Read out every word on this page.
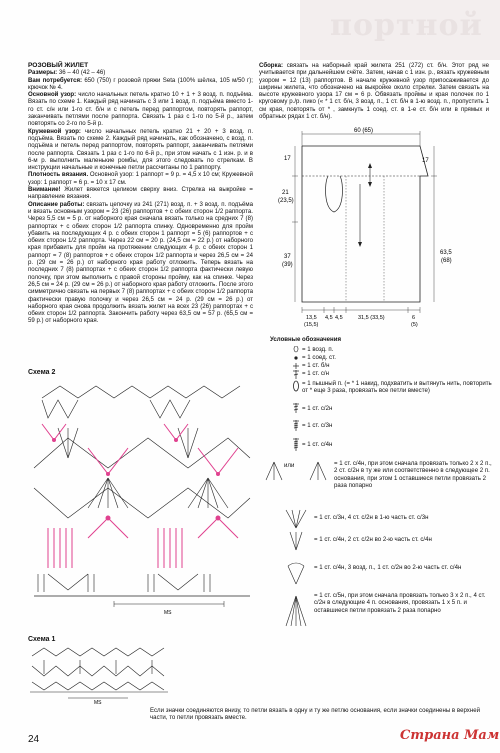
портной
РОЗОВЫЙ ЖИЛЕТ
Размеры: 36 – 40 (42 – 46)
Вам потребуется: 650 (750) г розовой пряжи Seta (100% шёлка, 105 м/50 г); крючок № 4.
Основной узор: число начальных петель кратно 10 + 1 + 3 возд. п. подъёма. Вязать по схеме 1. Каждый ряд начинать с 3 или 1 возд. п. подъёма вместо 1-го ст. с/н или 1-го ст. б/н и с петель перед раппортом, повторять раппорт, заканчивать петлями после раппорта. Связать 1 раз с 1-го по 5-й р., затем повторять со 2-го по 5-й р.
Кружевной узор: число начальных петель кратно 21 + 20 + 3 возд. п. подъёма. Вязать по схеме 2. Каждый ряд начинать, как обозначено, с возд. п. подъёма и петель перед раппортом, повторять раппорт, заканчивать петлями после раппорта. Связать 1 раз с 1-го по 6-й р., при этом начать с 1 изн. р. и в 6-м р. выполнить маленькие ромбы, для этого следовать по стрелкам. В инструкции начальные и конечные петли рассчитаны по 1 раппорту.
Плотность вязания. Основной узор: 1 раппорт = 9 р. = 4,5 х 10 см; Кружевной узор: 1 раппорт = 6 р. = 10 х 17 см.
Внимание! Жилет вяжется целиком сверху вниз. Стрелка на выкройке = направление вязания.
Описание работы: связать цепочку из 241 (271) возд. п. + 3 возд. п. подъёма и вязать основным узором = 23 (26) раппортов + с обеих сторон 1/2 раппорта. Через 5,5 см = 5 р. от наборного края сначала вязать только на средних 7 (8) раппортах + с обеих сторон 1/2 раппорта спинку. Одновременно для пройм убавить на последующих 4 р. с обеих сторон 1 раппорт = 5 (6) раппортов + с обеих сторон 1/2 раппорта. Через 22 см = 20 р. (24,5 см = 22 р.) от наборного края прибавить для пройм на протяжении следующих 4 р. с обеих сторон 1 раппорт = 7 (8) раппортов + с обеих сторон 1/2 раппорта и через 26,5 см = 24 р. (29 см = 26 р.) от наборного края работу отложить. Теперь вязать на последних 7 (8) раппортах + с обеих сторон 1/2 раппорта фактически левую полочку, при этом выполнить с правой стороны пройму, как на спинке. Через 26,5 см = 24 р. (29 см = 26 р.) от наборного края работу отложить. После этого симметрично связать на первых 7 (8) раппортах + с обеих сторон 1/2 раппорта фактически правую полочку и через 26,5 см = 24 р. (29 см = 26 р.) от наборного края снова продолжить вязать жилет на всех 23 (26) раппортах + с обеих сторон 1/2 раппорта. Закончить работу через 63,5 см = 57 р. (65,5 см = 59 р.) от наборного края.
Сборка: связать на наборный край жилета 251 (272) ст. б/н. Этот ряд не учитывается при дальнейшем счёте. Затем, начав с 1 изн. р., вязать кружевным узором = 12 (13) раппортов. В начале кружевной узор припосаживается до ширины жилета, что обозначено на выкройке около стрелки. Затем связать на высоте кружевного узора 17 см = 6 р. Обвязать проймы и края полочек по 1 круговому р./р. пико (« * 1 ст. б/н, 3 возд. п., 1 ст. б/н в 1-ю возд. п., пропустить 1 см края, повторять от * , замкнуть 1 соед. ст. в 1-е ст. б/н или в прямых и обратных рядах 1 ст. б/н).
60 (65)
17
21
(23,5)
37
(39)
17
63,5
(68)
13,5
(15,5)
4,5 4,5	31,5 (33,5)	6
(5)
Схема 2
MS
Схема 1
MS
Условные обозначения
= 1 возд. п.
= 1 соед. ст.
= 1 ст. б/н
= 1 ст. с/н
= 1 пышный п. (= * 1 накид, подхватить и вытянуть нить, повторить от * еще 3 раза, провязать все петли вместе)
= 1 ст. с/2н
= 1 ст. с/3н
= 1 ст. с/4н
или	= 1 ст. с/4н, при этом сначала провязать только 2 х 2 п., 2 ст. с/2н в ту же или соответственно в следующее 2 п. основания, при этом 1 оставшиеся петли провязать 2 раза попарно
= 1 ст. с/3н, 4 ст. с/2н в 1-ю часть ст. с/3н
= 1 ст. с/4н, 2 ст. с/2н во 2-ю часть ст. с/4н
= 1 ст. с/4н, 3 возд. п., 1 ст. с/2н во 2-ю часть ст. с/4н
= 1 ст. с/5н, при этом сначала провязать только 3 х 2 п., 4 ст. с/2н в следующие 4 п. основания, провязать 1 х 5 п. и оставшиеся петли провязать 2 раза попарно
Если значки соединяются внизу, то петли вязать в одну и ту же петлю основания, если значки соединены в верхней части, то петли провязать вместе.
24	Страна Мам
